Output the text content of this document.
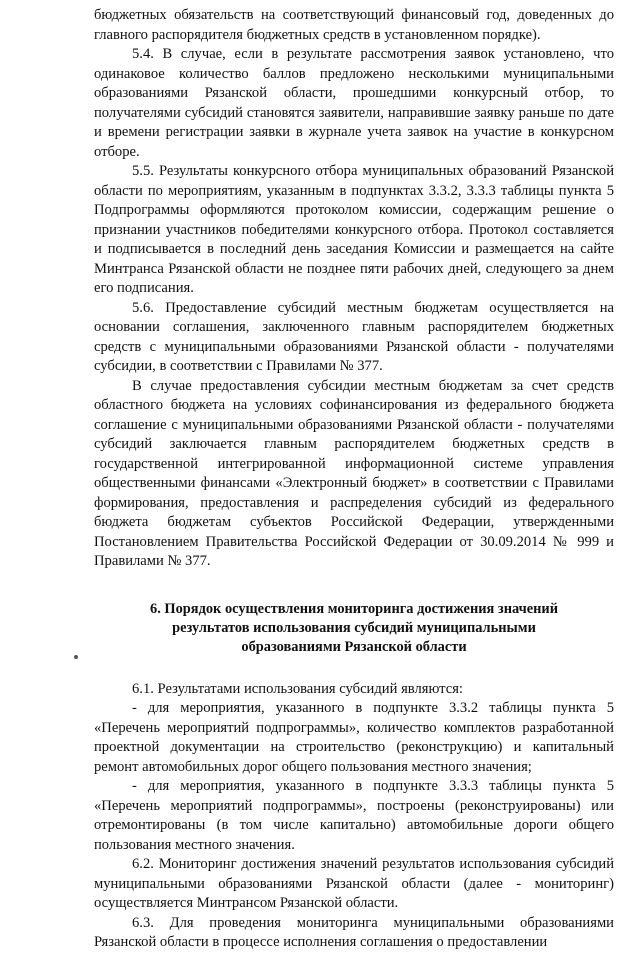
бюджетных обязательств на соответствующий финансовый год, доведенных до главного распорядителя бюджетных средств в установленном порядке).

5.4. В случае, если в результате рассмотрения заявок установлено, что одинаковое количество баллов предложено несколькими муниципальными образованиями Рязанской области, прошедшими конкурсный отбор, то получателями субсидий становятся заявители, направившие заявку раньше по дате и времени регистрации заявки в журнале учета заявок на участие в конкурсном отборе.

5.5. Результаты конкурсного отбора муниципальных образований Рязанской области по мероприятиям, указанным в подпунктах 3.3.2, 3.3.3 таблицы пункта 5 Подпрограммы оформляются протоколом комиссии, содержащим решение о признании участников победителями конкурсного отбора. Протокол составляется и подписывается в последний день заседания Комиссии и размещается на сайте Минтранса Рязанской области не позднее пяти рабочих дней, следующего за днем его подписания.

5.6. Предоставление субсидий местным бюджетам осуществляется на основании соглашения, заключенного главным распорядителем бюджетных средств с муниципальными образованиями Рязанской области - получателями субсидии, в соответствии с Правилами № 377.

В случае предоставления субсидии местным бюджетам за счет средств областного бюджета на условиях софинансирования из федерального бюджета соглашение с муниципальными образованиями Рязанской области - получателями субсидий заключается главным распорядителем бюджетных средств в государственной интегрированной информационной системе управления общественными финансами «Электронный бюджет» в соответствии с Правилами формирования, предоставления и распределения субсидий из федерального бюджета бюджетам субъектов Российской Федерации, утвержденными Постановлением Правительства Российской Федерации от 30.09.2014 № 999 и Правилами № 377.

6. Порядок осуществления мониторинга достижения значений
результатов использования субсидий муниципальными
образованиями Рязанской области

6.1. Результатами использования субсидий являются:

- для мероприятия, указанного в подпункте 3.3.2 таблицы пункта 5 «Перечень мероприятий подпрограммы», количество комплектов разработанной проектной документации на строительство (реконструкцию) и капитальный ремонт автомобильных дорог общего пользования местного значения;

- для мероприятия, указанного в подпункте 3.3.3 таблицы пункта 5 «Перечень мероприятий подпрограммы», построены (реконструированы) или отремонтированы (в том числе капитально) автомобильные дороги общего пользования местного значения.

6.2. Мониторинг достижения значений результатов использования субсидий муниципальными образованиями Рязанской области (далее - мониторинг) осуществляется Минтрансом Рязанской области.

6.3. Для проведения мониторинга муниципальными образованиями Рязанской области в процессе исполнения соглашения о предоставлении
